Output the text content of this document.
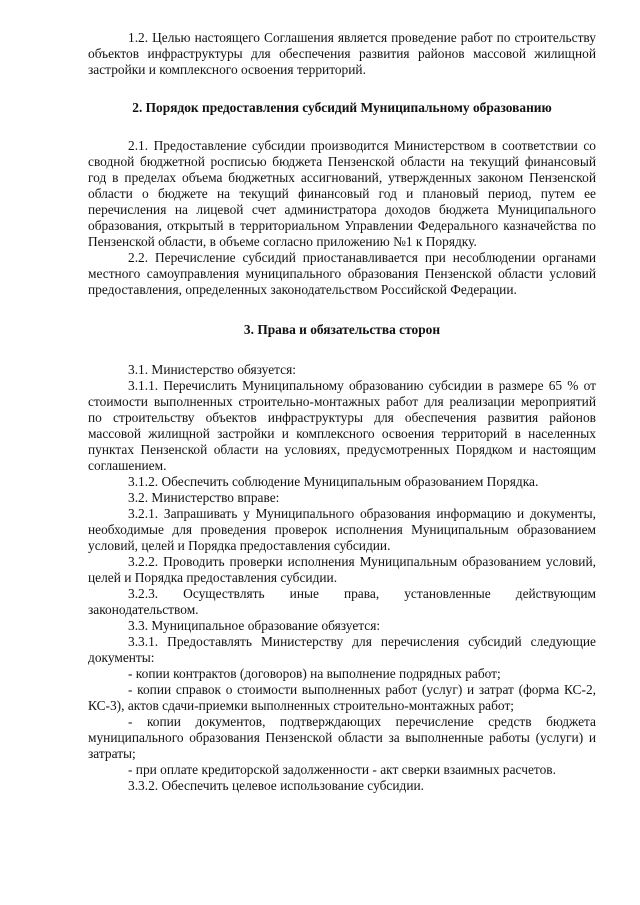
1.2. Целью настоящего Соглашения является проведение работ по строительству объектов инфраструктуры для обеспечения развития районов массовой жилищной застройки и комплексного освоения территорий.

2. Порядок предоставления субсидий Муниципальному образованию

2.1. Предоставление субсидии производится Министерством в соответствии со сводной бюджетной росписью бюджета Пензенской области на текущий финансовый год в пределах объема бюджетных ассигнований, утвержденных законом Пензенской области о бюджете на текущий финансовый год и плановый период, путем ее перечисления на лицевой счет администратора доходов бюджета Муниципального образования, открытый в территориальном Управлении Федерального казначейства по Пензенской области, в объеме согласно приложению №1 к Порядку.

2.2. Перечисление субсидий приостанавливается при несоблюдении органами местного самоуправления муниципального образования Пензенской области условий предоставления, определенных законодательством Российской Федерации.

3. Права и обязательства сторон

3.1. Министерство обязуется:

3.1.1. Перечислить Муниципальному образованию субсидии в размере 65 % от стоимости выполненных строительно-монтажных работ для реализации мероприятий по строительству объектов инфраструктуры для обеспечения развития районов массовой жилищной застройки и комплексного освоения территорий в населенных пунктах Пензенской области на условиях, предусмотренных Порядком и настоящим соглашением.

3.1.2. Обеспечить соблюдение Муниципальным образованием Порядка.

3.2. Министерство вправе:

3.2.1. Запрашивать у Муниципального образования информацию и документы, необходимые для проведения проверок исполнения Муниципальным образованием условий, целей и Порядка предоставления субсидии.

3.2.2. Проводить проверки исполнения Муниципальным образованием условий, целей и Порядка предоставления субсидии.

3.2.3. Осуществлять иные права, установленные действующим законодательством.

3.3. Муниципальное образование обязуется:

3.3.1. Предоставлять Министерству для перечисления субсидий следующие документы:

- копии контрактов (договоров) на выполнение подрядных работ;

- копии справок о стоимости выполненных работ (услуг) и затрат (форма КС-2, КС-3), актов сдачи-приемки выполненных строительно-монтажных работ;

- копии документов, подтверждающих перечисление средств бюджета муниципального образования Пензенской области за выполненные работы (услуги) и затраты;

- при оплате кредиторской задолженности - акт сверки взаимных расчетов.

3.3.2. Обеспечить целевое использование субсидии.
